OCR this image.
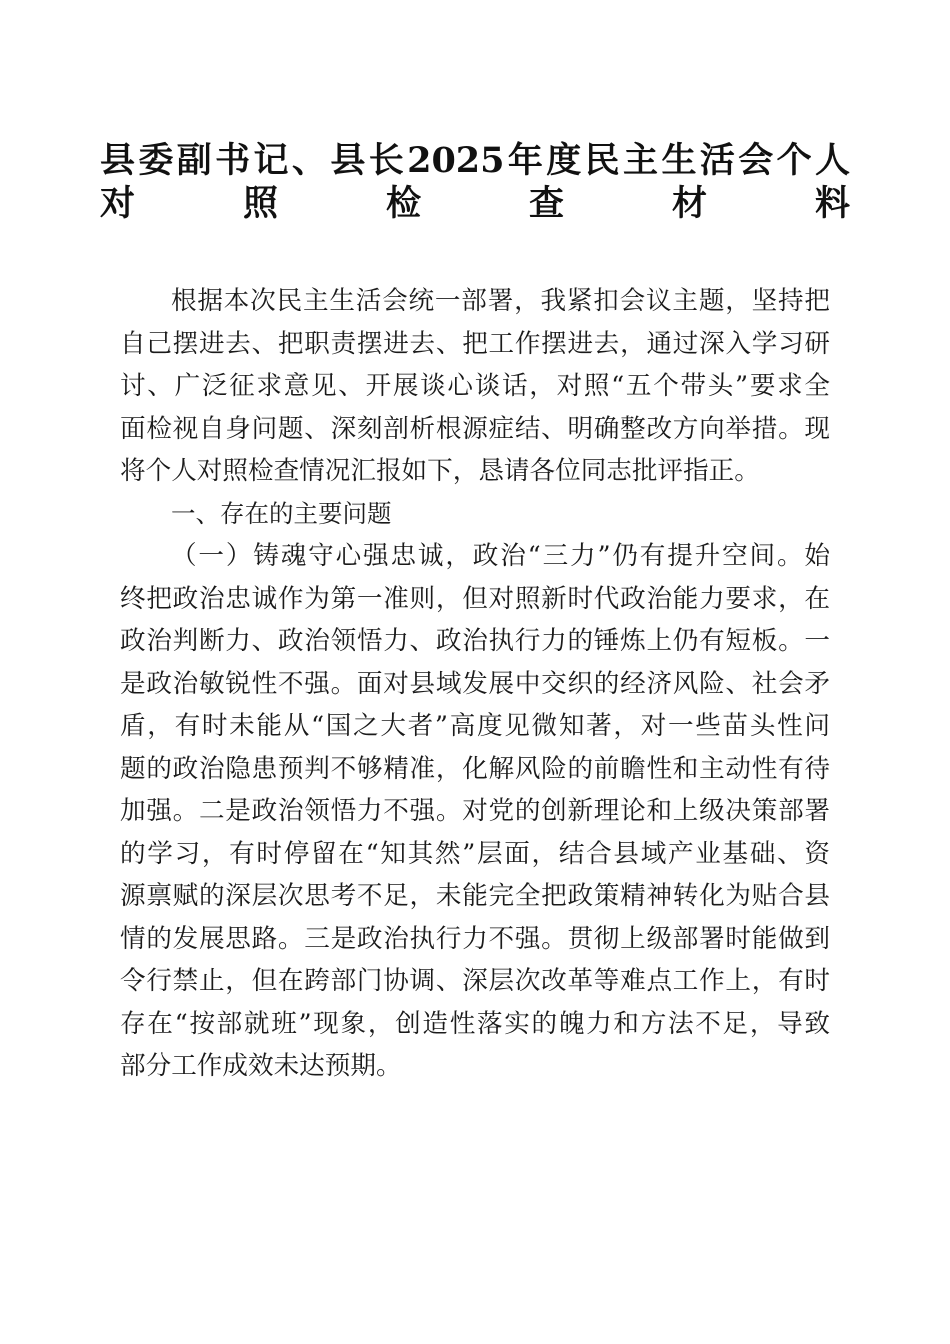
县委副书记、县长2025年度民主生活会个人
对照检查材料
根据本次民主生活会统一部署，我紧扣会议主题，坚持把
自己摆进去、把职责摆进去、把工作摆进去，通过深入学习研
讨、广泛征求意见、开展谈心谈话，对照“五个带头”要求全
面检视自身问题、深刻剖析根源症结、明确整改方向举措。现
将个人对照检查情况汇报如下，恳请各位同志批评指正。
一、存在的主要问题
（一）铸魂守心强忠诚，政治“三力”仍有提升空间。始
终把政治忠诚作为第一准则，但对照新时代政治能力要求，在
政治判断力、政治领悟力、政治执行力的锤炼上仍有短板。一
是政治敏锐性不强。面对县域发展中交织的经济风险、社会矛
盾，有时未能从“国之大者”高度见微知著，对一些苗头性问
题的政治隐患预判不够精准，化解风险的前瞻性和主动性有待
加强。二是政治领悟力不强。对党的创新理论和上级决策部署
的学习，有时停留在“知其然”层面，结合县域产业基础、资
源禀赋的深层次思考不足，未能完全把政策精神转化为贴合县
情的发展思路。三是政治执行力不强。贯彻上级部署时能做到
令行禁止，但在跨部门协调、深层次改革等难点工作上，有时
存在“按部就班”现象，创造性落实的魄力和方法不足，导致
部分工作成效未达预期。
